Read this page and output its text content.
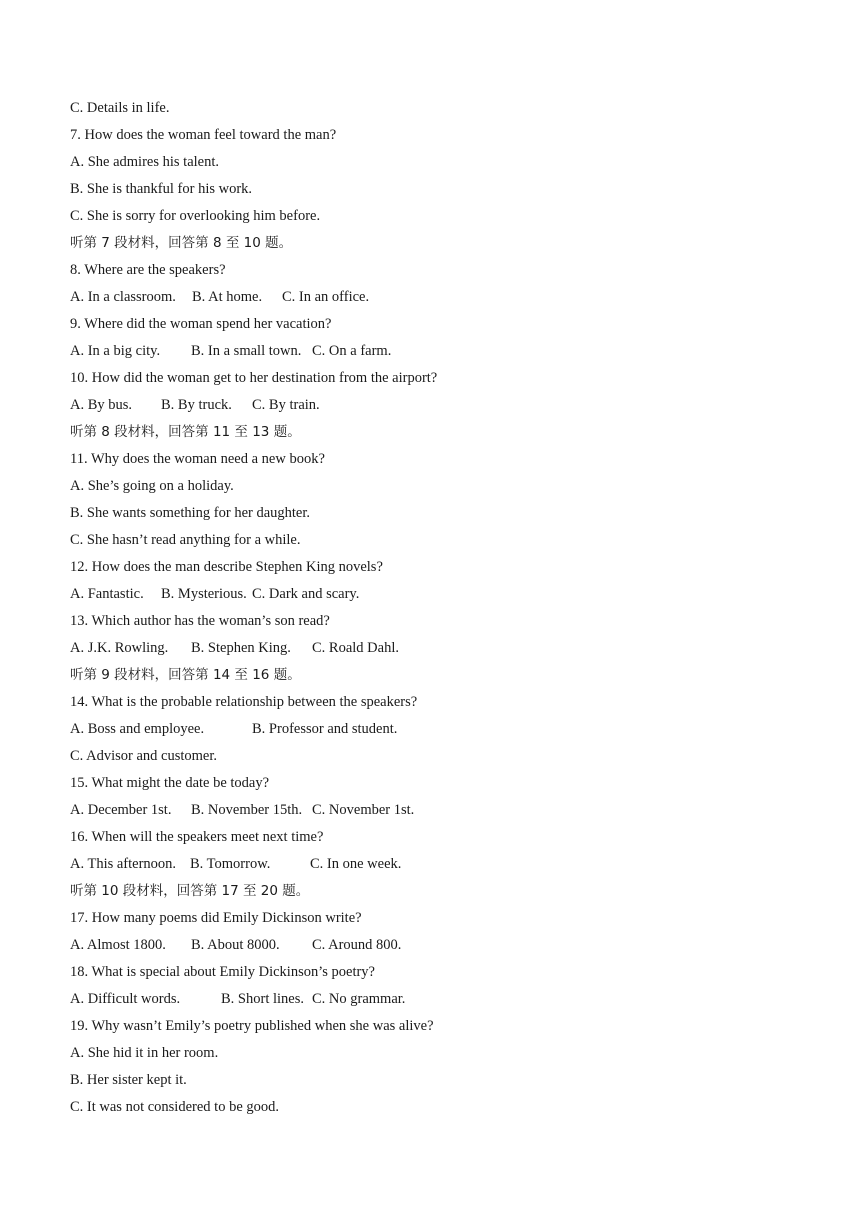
C. Details in life.
7. How does the woman feel toward the man?
A. She admires his talent.
B. She is thankful for his work.
C. She is sorry for overlooking him before.
听第 7 段材料，回答第 8 至 10 题。
8. Where are the speakers?
A. In a classroom. B. At home. C. In an office.
9. Where did the woman spend her vacation?
A. In a big city. B. In a small town. C. On a farm.
10. How did the woman get to her destination from the airport?
A. By bus. B. By truck. C. By train.
听第 8 段材料，回答第 11 至 13 题。
11. Why does the woman need a new book?
A. She’s going on a holiday.
B. She wants something for her daughter.
C. She hasn’t read anything for a while.
12. How does the man describe Stephen King novels?
A. Fantastic. B. Mysterious. C. Dark and scary.
13. Which author has the woman’s son read?
A. J.K. Rowling. B. Stephen King. C. Roald Dahl.
听第 9 段材料，回答第 14 至 16 题。
14. What is the probable relationship between the speakers?
A. Boss and employee.	B. Professor and student.
C. Advisor and customer.
15. What might the date be today?
A. December 1st. B. November 15th. C. November 1st.
16. When will the speakers meet next time?
A. This afternoon. B. Tomorrow.	C. In one week.
听第 10 段材料，回答第 17 至 20 题。
17. How many poems did Emily Dickinson write?
A. Almost 1800. B. About 8000. C. Around 800.
18. What is special about Emily Dickinson’s poetry?
A. Difficult words.	B. Short lines. C. No grammar.
19. Why wasn’t Emily’s poetry published when she was alive?
A. She hid it in her room.
B. Her sister kept it.
C. It was not considered to be good.
